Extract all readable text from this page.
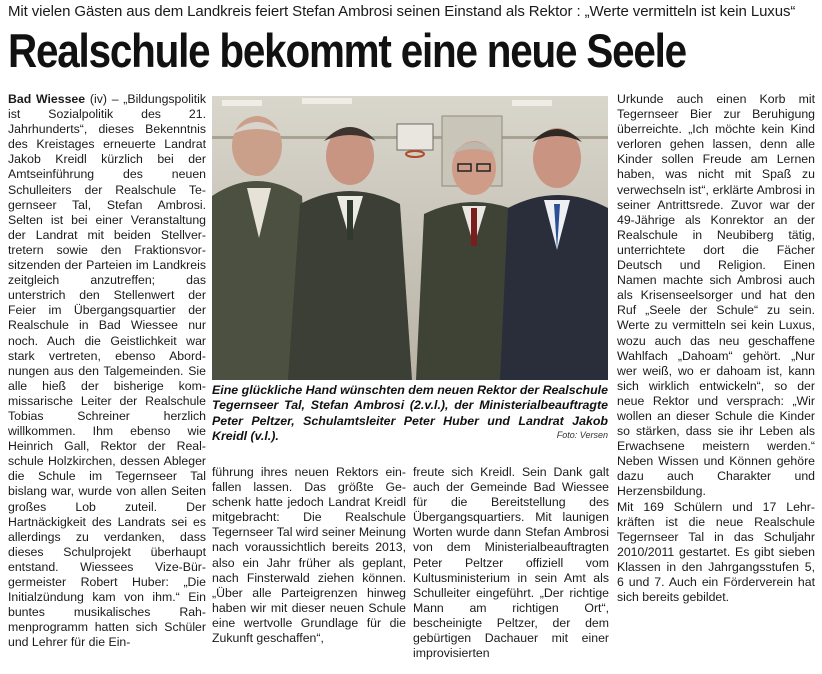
Mit vielen Gästen aus dem Landkreis feiert Stefan Ambrosi seinen Einstand als Rektor : „Werte vermitteln ist kein Luxus“
Realschule bekommt eine neue Seele

Bad Wiessee (iv) – „Bildungspolitik ist Sozialpolitik des 21. Jahrhunderts“, dieses Bekenntnis des Kreistages erneuerte Landrat Jakob Kreidl kürzlich bei der Amtseinführung des neuen Schulleiters der Realschule Tegernseer Tal, Stefan Ambrosi. Selten ist bei einer Veranstaltung der Landrat mit beiden Stellvertretern sowie den Fraktionsvorsitzenden der Parteien im Landkreis zeitgleich anzutreffen; das unterstrich den Stellenwert der Feier im Übergangsquartier der Realschule in Bad Wiessee nur noch. Auch die Geistlichkeit war stark vertreten, ebenso Abordnungen aus den Talgemeinden. Sie alle hieß der bisherige kommissarische Leiter der Realschule Tobias Schreiner herzlich willkommen. Ihm ebenso wie Heinrich Gall, Rektor der Realschule Holzkirchen, dessen Ableger die Schule im Tegernseer Tal bislang war, wurde von allen Seiten großes Lob zuteil. Der Hartnäckigkeit des Landrats sei es allerdings zu verdanken, dass dieses Schulprojekt überhaupt entstand. Wiessees Vize-Bürgermeister Robert Huber: „Die Initialzündung kam von ihm.“ Ein buntes musikalisches Rahmenprogramm hatten sich Schüler und Lehrer für die Ein-

Eine glückliche Hand wünschten dem neuen Rektor der Realschule Tegernseer Tal, Stefan Ambrosi (2.v.l.), der Ministerialbeauftragte Peter Peltzer, Schulamtsleiter Peter Huber und Landrat Jakob Kreidl (v.l.).	Foto: Versen

führung ihres neuen Rektors einfallen lassen. Das größte Geschenk hatte jedoch Landrat Kreidl mitgebracht: Die Realschule Tegernseer Tal wird seiner Meinung nach voraussichtlich bereits 2013, also ein Jahr früher als geplant, nach Finsterwald ziehen können. „Über alle Parteigrenzen hinweg haben wir mit dieser neuen Schule eine wertvolle Grundlage für die Zukunft geschaffen“,

freute sich Kreidl. Sein Dank galt auch der Gemeinde Bad Wiessee für die Bereitstellung des Übergangsquartiers. Mit launigen Worten wurde dann Stefan Ambrosi von dem Ministerialbeauftragten Peter Peltzer offiziell vom Kultusministerium in sein Amt als Schulleiter eingeführt. „Der richtige Mann am richtigen Ort“, bescheinigte Peltzer, der dem gebürtigen Dachauer mit einer improvisierten

Urkunde auch einen Korb mit Tegernseer Bier zur Beruhigung überreichte. „Ich möchte kein Kind verloren gehen lassen, denn alle Kinder sollen Freude am Lernen haben, was nicht mit Spaß zu verwechseln ist“, erklärte Ambrosi in seiner Antrittsrede. Zuvor war der 49-Jährige als Konrektor an der Realschule in Neubiberg tätig, unterrichtete dort die Fächer Deutsch und Religion. Einen Namen machte sich Ambrosi auch als Krisenseelsorger und hat den Ruf „Seele der Schule“ zu sein. Werte zu vermitteln sei kein Luxus, wozu auch das neu geschaffene Wahlfach „Dahoam“ gehört. „Nur wer weiß, wo er dahoam ist, kann sich wirklich entwickeln“, so der neue Rektor und versprach: „Wir wollen an dieser Schule die Kinder so stärken, dass sie ihr Leben als Erwachsene meistern werden.“ Neben Wissen und Können gehöre dazu auch Charakter und Herzensbildung.

Mit 169 Schülern und 17 Lehrkräften ist die neue Realschule Tegernseer Tal in das Schuljahr 2010/2011 gestartet. Es gibt sieben Klassen in den Jahrgangsstufen 5, 6 und 7. Auch ein Förderverein hat sich bereits gebildet.
